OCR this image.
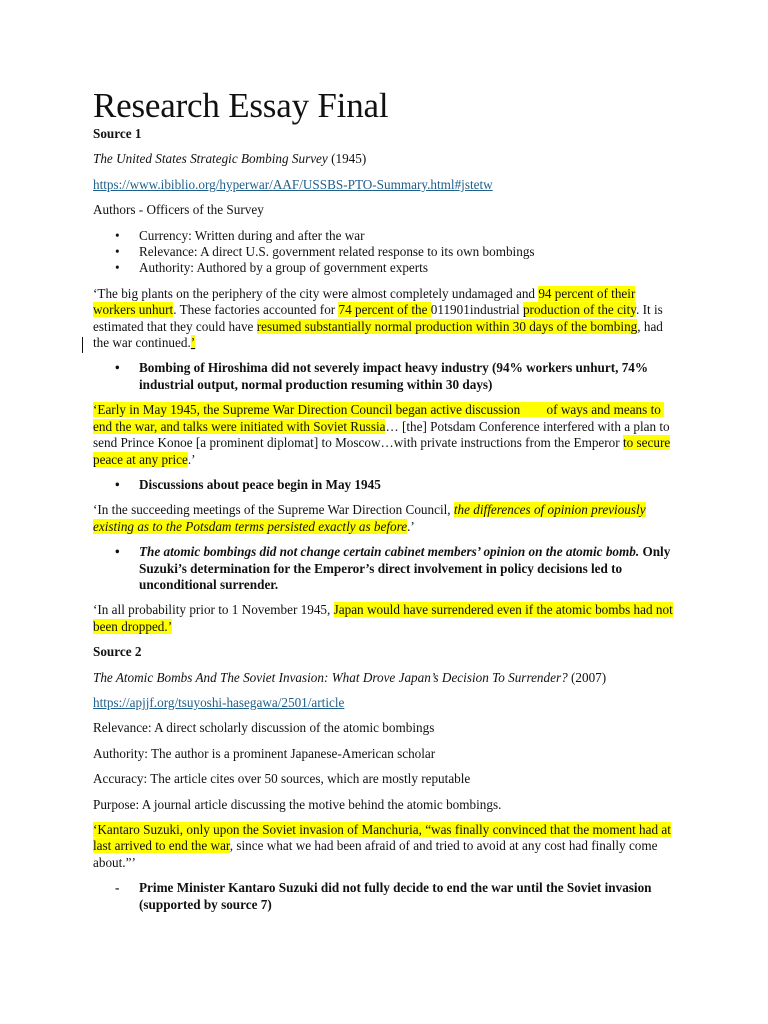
Research Essay Final

Source 1

The United States Strategic Bombing Survey (1945)

https://www.ibiblio.org/hyperwar/AAF/USSBS-PTO-Summary.html#jstetw

Authors - Officers of the Survey

• Currency: Written during and after the war
• Relevance: A direct U.S. government related response to its own bombings
• Authority: Authored by a group of government experts

‘The big plants on the periphery of the city were almost completely undamaged and 94 percent of their workers unhurt. These factories accounted for 74 percent of the 011901industrial production of the city. It is estimated that they could have resumed substantially normal production within 30 days of the bombing, had the war continued.’

• Bombing of Hiroshima did not severely impact heavy industry (94% workers unhurt, 74% industrial output, normal production resuming within 30 days)

‘Early in May 1945, the Supreme War Direction Council began active discussion        of ways and means to end the war, and talks were initiated with Soviet Russia… [the] Potsdam Conference interfered with a plan to send Prince Konoe [a prominent diplomat] to Moscow…with private instructions from the Emperor to secure peace at any price.’

• Discussions about peace begin in May 1945

‘In the succeeding meetings of the Supreme War Direction Council, the differences of opinion previously existing as to the Potsdam terms persisted exactly as before.’

• The atomic bombings did not change certain cabinet members’ opinion on the atomic bomb. Only Suzuki’s determination for the Emperor’s direct involvement in policy decisions led to unconditional surrender.

‘In all probability prior to 1 November 1945, Japan would have surrendered even if the atomic bombs had not been dropped.’

Source 2

The Atomic Bombs And The Soviet Invasion: What Drove Japan’s Decision To Surrender? (2007)

https://apjjf.org/tsuyoshi-hasegawa/2501/article

Relevance: A direct scholarly discussion of the atomic bombings

Authority: The author is a prominent Japanese-American scholar

Accuracy: The article cites over 50 sources, which are mostly reputable

Purpose: A journal article discussing the motive behind the atomic bombings.

‘Kantaro Suzuki, only upon the Soviet invasion of Manchuria, “was finally convinced that the moment had at last arrived to end the war, since what we had been afraid of and tried to avoid at any cost had finally come about.”’

- Prime Minister Kantaro Suzuki did not fully decide to end the war until the Soviet invasion (supported by source 7)
